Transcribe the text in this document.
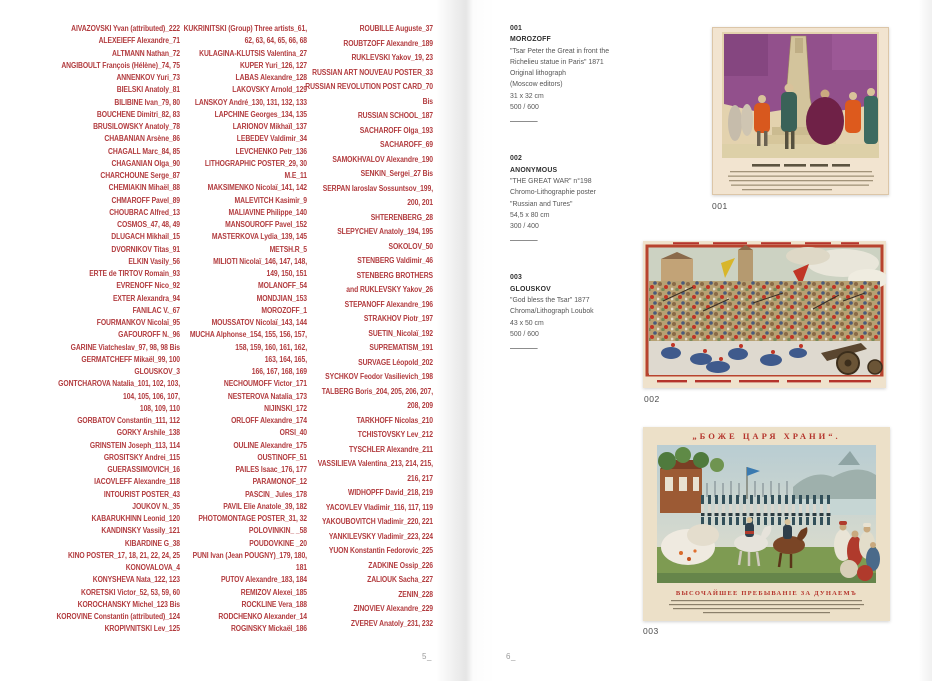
AIVAZOVSKI Yvan (attributed)_222
ALEXEIEFF Alexandre_71
ALTMANN Nathan_72
ANGIBOULT François (Hélène)_74, 75
ANNENKOV Yuri_73
BIELSKI Anatoly_81
BILIBINE Ivan_79, 80
BOUCHENE Dimitri_82, 83
BRUSILOWSKY Anatoly_78
CHABANIAN Arsène_86
CHAGALL Marc_84, 85
CHAGANIAN Olga_90
CHARCHOUNE Serge_87
CHEMIAKIN Mihaël_88
CHMAROFF Pavel_89
CHOUBRAC Alfred_13
COSMOS_47, 48, 49
DLUGACH Mikhail_15
DVORNIKOV Titas_91
ELKIN Vasily_56
ERTE de TIRTOV Romain_93
EVRENOFF Nico_92
EXTER Alexandra_94
FANILAC V._67
FOURMANKOV Nicolaï_95
GAFOUROFF N._96
GARINE Viatcheslav_97, 98, 98 Bis
GERMATCHEFF Mikaël_99, 100
GLOUSKOV_3
GONTCHAROVA Natalia_101, 102, 103,
104, 105, 106, 107,
108, 109, 110
GORBATOV Constantin_111, 112
GORKY Arshile_138
GRINSTEIN Joseph_113, 114
GROSITSKY Andrei_115
GUERASSIMOVICH_16
IACOVLEFF Alexandre_118
INTOURIST POSTER_43
JOUKOV N._35
KABARUKHINN Leonid_120
KANDINSKY Vassily_121
KIBARDINE G_38
KINO POSTER_17, 18, 21, 22, 24, 25
KONOVALOVA_4
KONYSHEVA Nata_122, 123
KORETSKI Victor_52, 53, 59, 60
KOROCHANSKY Michel_123 Bis
KOROVINE Constantin (attributed)_124
KROPIVNITSKI Lev_125
KUKRINITSKI (Group) Three artists_61,
62, 63, 64, 65, 66, 68
KULAGINA-KLUTSIS Valentina_27
KUPER Yuri_126, 127
LABAS Alexandre_128
LAKOVSKY Arnold_129
LANSKOY André_130, 131, 132, 133
LAPCHINE Georges_134, 135
LARIONOV Mikhaïl_137
LEBEDEV Valdimir_34
LEVCHENKO Petr_136
LITHOGRAPHIC POSTER_29, 30
M.E_11
MAKSIMENKO Nicolaï_141, 142
MALEVITCH Kasimir_9
MALIAVINE Philippe_140
MANSOUROFF Pavel_152
MASTERKOVA Lydia_139, 145
METSH.R_5
MILIOTI Nicolaï_146, 147, 148,
149, 150, 151
MOLANOFF_54
MONDJIAN_153
MOROZOFF_1
MOUSSATOV Nicolaï_143, 144
MUCHA Alphonse_154, 155, 156, 157,
158, 159, 160, 161, 162,
163, 164, 165,
166, 167, 168, 169
NECHOUMOFF Victor_171
NESTEROVA Natalia_173
NIJINSKI_172
ORLOFF Alexandre_174
ORSI_40
OULINE Alexandre_175
OUSTINOFF_51
PAILES Isaac_176, 177
PARAMONOF_12
PASCIN_ Jules_178
PAVIL Elie Anatole_39, 182
PHOTOMONTAGE POSTER_31, 32
POLOVINKIN_ _58
POUDOVKINE _20
PUNI Ivan (Jean POUGNY)_179, 180,
181
PUTOV Alexandre_183, 184
REMIZOV Alexei_185
ROCKLINE Vera_188
RODCHENKO Alexander_14
ROGINSKY Mickaël_186
ROUBILLE Auguste_37
ROUBTZOFF Alexandre_189
RUKLEVSKI Yakov_19, 23
RUSSIAN ART NOUVEAU POSTER_33
RUSSIAN REVOLUTION POST CARD_70
Bis
RUSSIAN SCHOOL_187
SACHAROFF Olga_193
SACHAROFF_69
SAMOKHVALOV Alexandre_190
SENKIN_Sergei_27 Bis
SERPAN Iaroslav Sossuntsov_199,
200, 201
SHTERENBERG_28
SLEPYCHEV Anatoly_194, 195
SOKOLOV_50
STENBERG Valdimir_46
STENBERG BROTHERS
and RUKLEVSKY Yakov_26
STEPANOFF Alexandre_196
STRAKHOV Piotr_197
SUETIN_Nicolaï_192
SUPREMATISM_191
SURVAGE Léopold_202
SYCHKOV Feodor Vasilievich_198
TALBERG Boris_204, 205, 206, 207,
208, 209
TARKHOFF Nicolas_210
TCHISTOVSKY Lev_212
TYSCHLER Alexandre_211
VASSILIEVA Valentina_213, 214, 215,
216, 217
WIDHOPFF David_218, 219
YACOVLEV Vladimir_116, 117, 119
YAKOUBOVITCH Vladimir_220, 221
YANKILEVSKY Vladimir_223, 224
YUON Konstantin Fedorovic_225
ZADKINE Ossip_226
ZALIOUK Sacha_227
ZENIN_228
ZINOVIEV Alexandre_229
ZVEREV Anatoly_231, 232
001
MOROZOFF
"Tsar Peter the Great in front the
Richelieu statue in Paris" 1871
Original lithograph
(Moscow editors)
31 x 32 cm
500 / 600
002
ANONYMOUS
"THE GREAT WAR" n°198
Chromo-Lithographie poster
"Russian and Tures"
54,5 x 80 cm
300 / 400
003
GLOUSKOV
"God bless the Tsar" 1877
Chroma/Lithograph Loubok
43 x 50 cm
500 / 600
001
002
„БОЖЕ ЦАРЯ ХРАНИ“.
ВЫСОЧАЙШЕЕ ПРЕБЫВАНІЕ ЗА ДУНАЕМЪ
003
5_	6_
